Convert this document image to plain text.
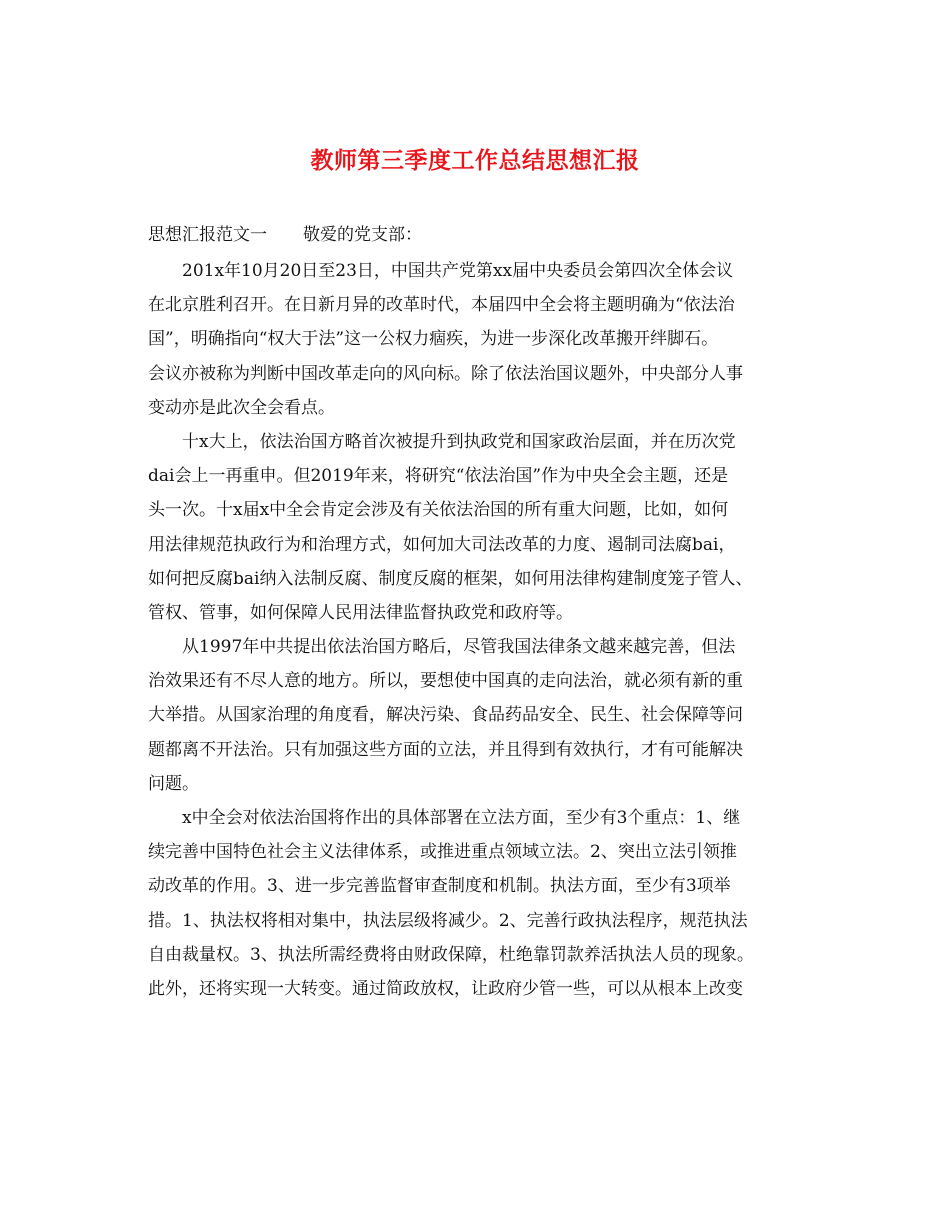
教师第三季度工作总结思想汇报
思想汇报范文一 敬爱的党支部：
201x年10月20日至23日，中国共产党第xx届中央委员会第四次全体会议
在北京胜利召开。在日新月异的改革时代，本届四中全会将主题明确为“依法治
国”，明确指向“权大于法”这一公权力痼疾，为进一步深化改革搬开绊脚石。
会议亦被称为判断中国改革走向的风向标。除了依法治国议题外，中央部分人事
变动亦是此次全会看点。
十x大上，依法治国方略首次被提升到执政党和国家政治层面，并在历次党
dai会上一再重申。但2019年来，将研究“依法治国”作为中央全会主题，还是
头一次。十x届x中全会肯定会涉及有关依法治国的所有重大问题，比如，如何
用法律规范执政行为和治理方式，如何加大司法改革的力度、遏制司法腐bai，
如何把反腐bai纳入法制反腐、制度反腐的框架，如何用法律构建制度笼子管人、
管权、管事，如何保障人民用法律监督执政党和政府等。
从1997年中共提出依法治国方略后，尽管我国法律条文越来越完善，但法
治效果还有不尽人意的地方。所以，要想使中国真的走向法治，就必须有新的重
大举措。从国家治理的角度看，解决污染、食品药品安全、民生、社会保障等问
题都离不开法治。只有加强这些方面的立法，并且得到有效执行，才有可能解决
问题。
x中全会对依法治国将作出的具体部署在立法方面，至少有3个重点：1、继
续完善中国特色社会主义法律体系，或推进重点领域立法。2、突出立法引领推
动改革的作用。3、进一步完善监督审查制度和机制。执法方面，至少有3项举
措。1、执法权将相对集中，执法层级将减少。2、完善行政执法程序，规范执法
自由裁量权。3、执法所需经费将由财政保障，杜绝靠罚款养活执法人员的现象。
此外，还将实现一大转变。通过简政放权，让政府少管一些，可以从根本上改变
